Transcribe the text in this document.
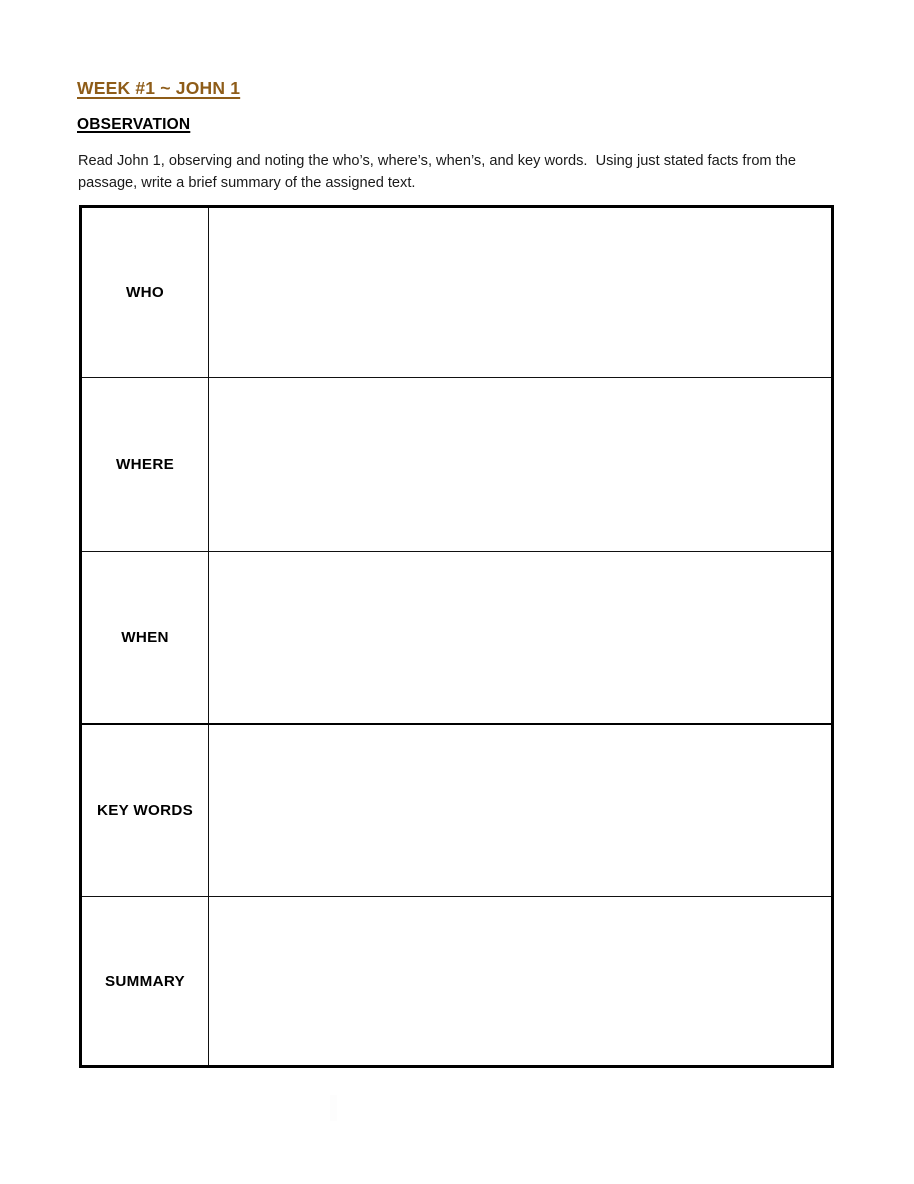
WEEK #1 ~ JOHN 1
OBSERVATION
Read John 1, observing and noting the who’s, where’s, when’s, and key words.  Using just stated facts from the passage, write a brief summary of the assigned text.
WHO
WHERE
WHEN
KEY WORDS
SUMMARY
